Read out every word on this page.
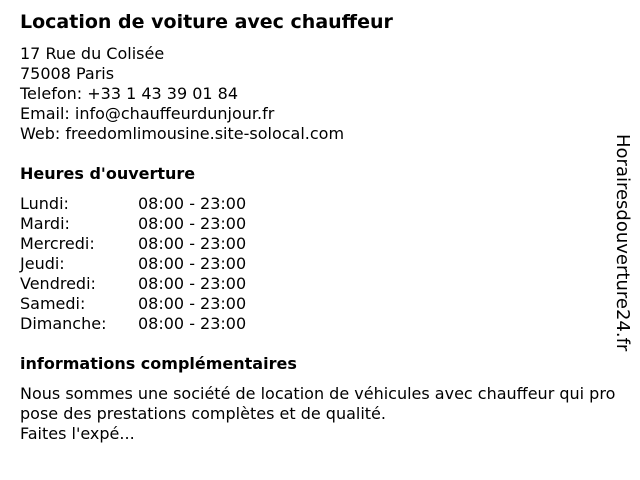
Location de voiture avec chauffeur
17 Rue du Colisée
75008 Paris
Telefon: +33 1 43 39 01 84
Email: info@chauffeurdunjour.fr
Web: freedomlimousine.site-solocal.com
Heures d'ouverture
Lundi:	08:00 - 23:00
Mardi:	08:00 - 23:00
Mercredi:	08:00 - 23:00
Jeudi:	08:00 - 23:00
Vendredi:	08:00 - 23:00
Samedi:	08:00 - 23:00
Dimanche:	08:00 - 23:00
informations complémentaires
Nous sommes une société de location de véhicules avec chauffeur qui propose des prestations complètes et de qualité.
Faites l'expé...
Horairesdouverture24.fr
